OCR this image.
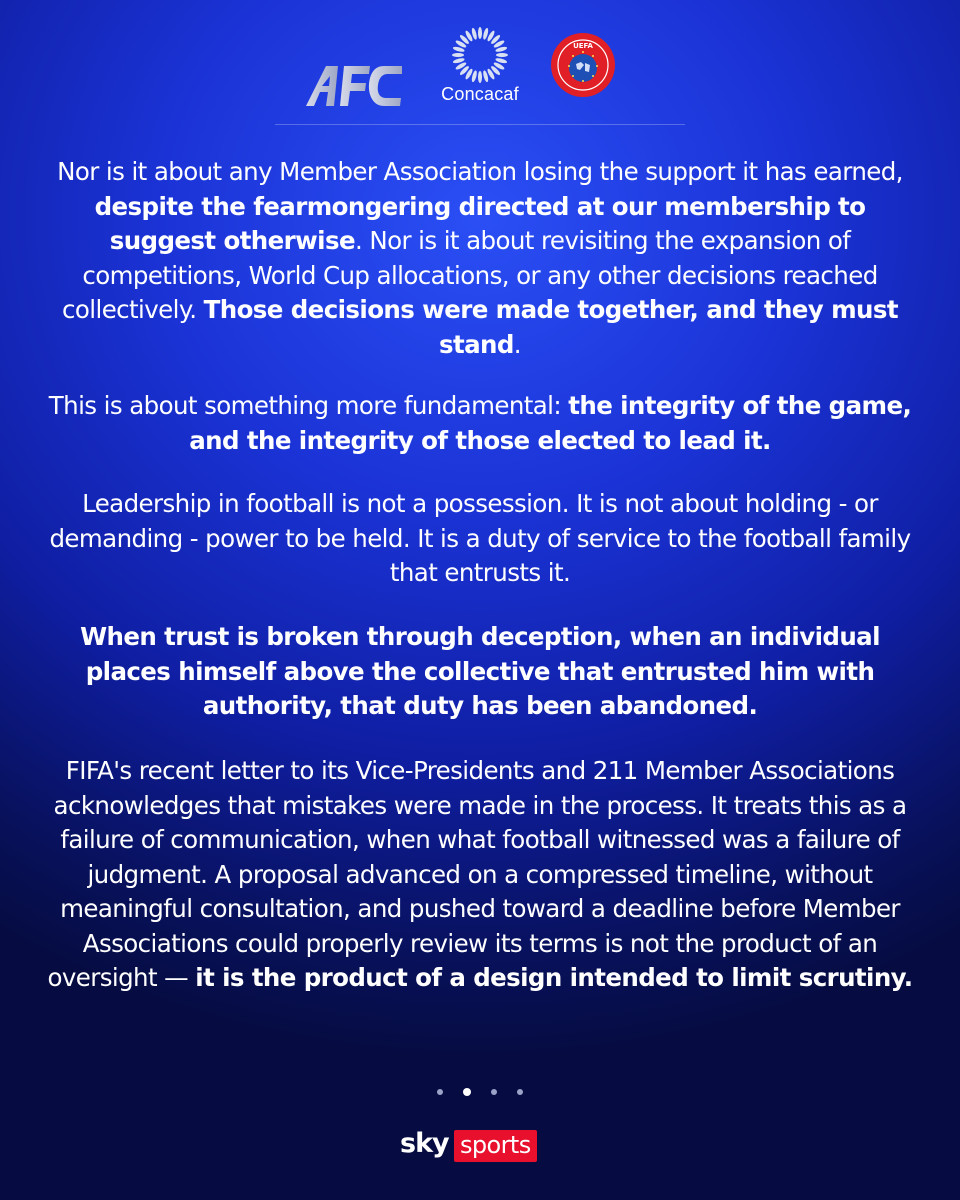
Concacaf
UEFA
Nor is it about any Member Association losing the support it has earned, despite the fearmongering directed at our membership to suggest otherwise. Nor is it about revisiting the expansion of competitions, World Cup allocations, or any other decisions reached collectively. Those decisions were made together, and they must stand.
This is about something more fundamental: the integrity of the game, and the integrity of those elected to lead it.
Leadership in football is not a possession. It is not about holding - or demanding - power to be held. It is a duty of service to the football family that entrusts it.
When trust is broken through deception, when an individual places himself above the collective that entrusted him with authority, that duty has been abandoned.
FIFA's recent letter to its Vice-Presidents and 211 Member Associations acknowledges that mistakes were made in the process. It treats this as a failure of communication, when what football witnessed was a failure of judgment. A proposal advanced on a compressed timeline, without meaningful consultation, and pushed toward a deadline before Member Associations could properly review its terms is not the product of an oversight — it is the product of a design intended to limit scrutiny.
sky sports
